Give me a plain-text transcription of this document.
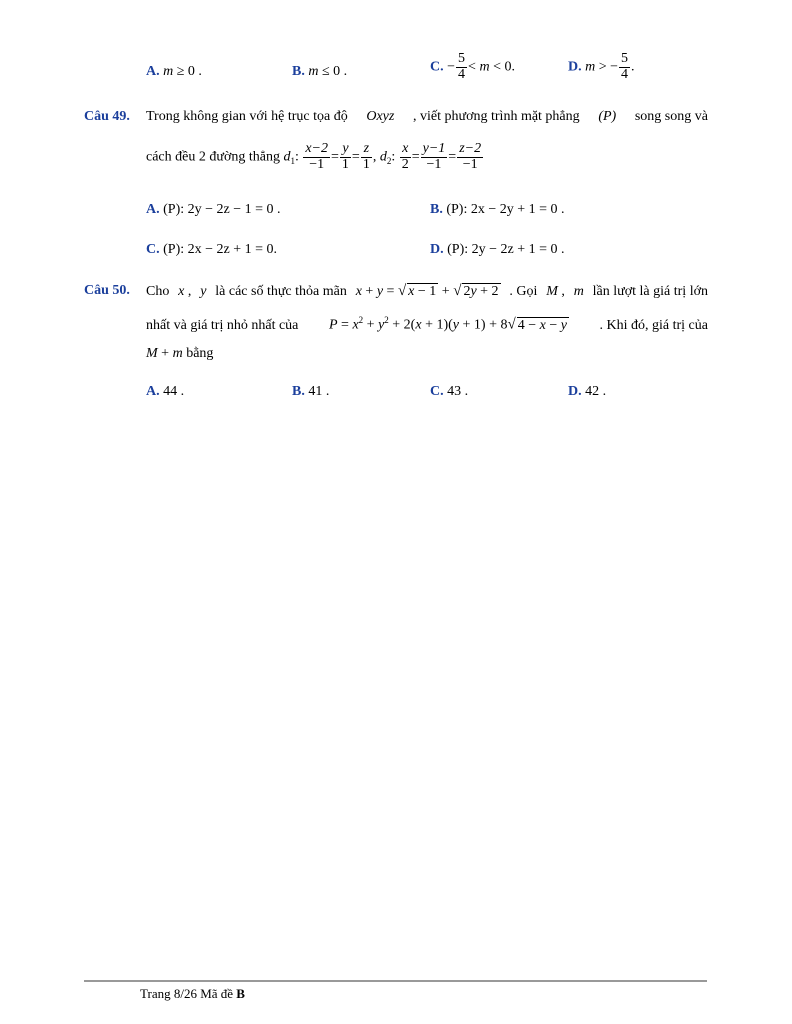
A. m ≥ 0 .	B. m ≤ 0 .	C. − $\frac{5}{4} < m < 0$.	D. m > − $\frac{5}{4}$ .
Câu 49. Trong không gian với hệ trục tọa độ Oxyz , viết phương trình mặt phẳng (P) song song và
cách đều 2 đường thẳng $d_1$: $\frac{x-2}{-1} = \frac{y}{1} = \frac{z}{1}$ , $d_2$: $\frac{x}{2} = \frac{y-1}{-1} = \frac{z-2}{-1}$
A. (P): 2y − 2z − 1 = 0 .	B. (P): 2x − 2y + 1 = 0 .
C. (P): 2x − 2z + 1 = 0.	D. (P): 2y − 2z + 1 = 0 .
Câu 50. Cho x , y là các số thực thỏa mãn x + y = √ x − 1 + √ 2y + 2 . Gọi M , m lần lượt là giá trị lớn
nhất và giá trị nhỏ nhất của $P = x^2 + y^2 + 2(x + 1)(y + 1) + 8√$ 4 − x − y . Khi đó, giá trị của
M + m bằng
A. 44 .	B. 41 .	C. 43 .	D. 42 .
Trang 8/26 Mã đề B
